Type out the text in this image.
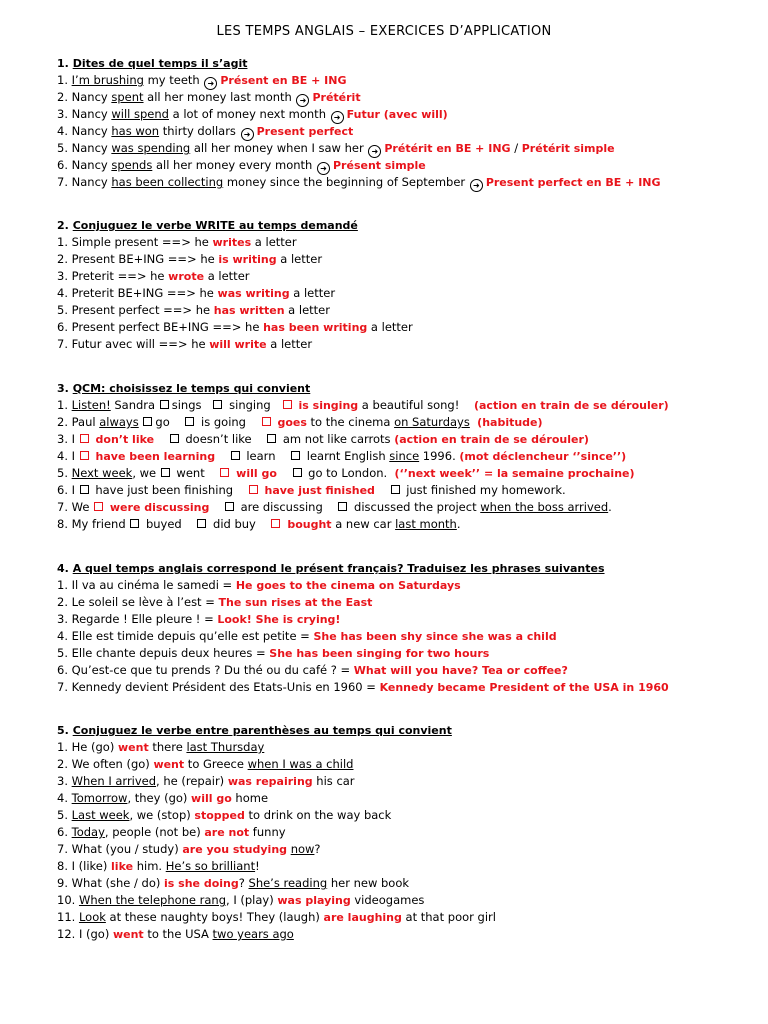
LES TEMPS ANGLAIS – EXERCICES D’APPLICATION
1. Dites de quel temps il s’agit
1. I’m brushing my teeth ➜ Présent en BE + ING
2. Nancy spent all her money last month ➜ Prétérit
3. Nancy will spend a lot of money next month ➜ Futur (avec will)
4. Nancy has won thirty dollars ➜ Present perfect
5. Nancy was spending all her money when I saw her ➜ Prétérit en BE + ING / Prétérit simple
6. Nancy spends all her money every month ➜ Présent simple
7. Nancy has been collecting money since the beginning of September ➜ Present perfect en BE + ING
2. Conjuguez le verbe WRITE au temps demandé
1. Simple present ==> he writes a letter
2. Present BE+ING ==> he is writing a letter
3. Preterit ==> he wrote a letter
4. Preterit BE+ING ==> he was writing a letter
5. Present perfect ==> he has written a letter
6. Present perfect BE+ING ==> he has been writing a letter
7. Futur avec will ==> he will write a letter
3. QCM: choisissez le temps qui convient
1. Listen! Sandra sings    singing    is singing a beautiful song!    (action en train de se dérouler)
2. Paul always go     is going     goes to the cinema on Saturdays (habitude)
3. I  don’t like     doesn’t like     am not like carrots (action en train de se dérouler)
4. I  have been learning     learn     learnt English since 1996. (mot déclencheur ‘’since’’)
5. Next week, we  went     will go     go to London.  (‘’next week’’ = la semaine prochaine)
6. I  have just been finishing     have just finished     just finished my homework.
7. We  were discussing     are discussing     discussed the project when the boss arrived.
8. My friend  buyed     did buy     bought a new car last month.
4. A quel temps anglais correspond le présent français? Traduisez les phrases suivantes
1. Il va au cinéma le samedi = He goes to the cinema on Saturdays
2. Le soleil se lève à l’est = The sun rises at the East
3. Regarde ! Elle pleure ! = Look! She is crying!
4. Elle est timide depuis qu’elle est petite = She has been shy since she was a child
5. Elle chante depuis deux heures = She has been singing for two hours
6. Qu’est-ce que tu prends ? Du thé ou du café ? = What will you have? Tea or coffee?
7. Kennedy devient Président des Etats-Unis en 1960 = Kennedy became President of the USA in 1960
5. Conjuguez le verbe entre parenthèses au temps qui convient
1. He (go) went there last Thursday
2. We often (go) went to Greece when I was a child
3. When I arrived, he (repair) was repairing his car
4. Tomorrow, they (go) will go home
5. Last week, we (stop) stopped to drink on the way back
6. Today, people (not be) are not funny
7. What (you / study) are you studying now?
8. I (like) like him. He’s so brilliant!
9. What (she / do) is she doing? She’s reading her new book
10. When the telephone rang, I (play) was playing videogames
11. Look at these naughty boys! They (laugh) are laughing at that poor girl
12. I (go) went to the USA two years ago
